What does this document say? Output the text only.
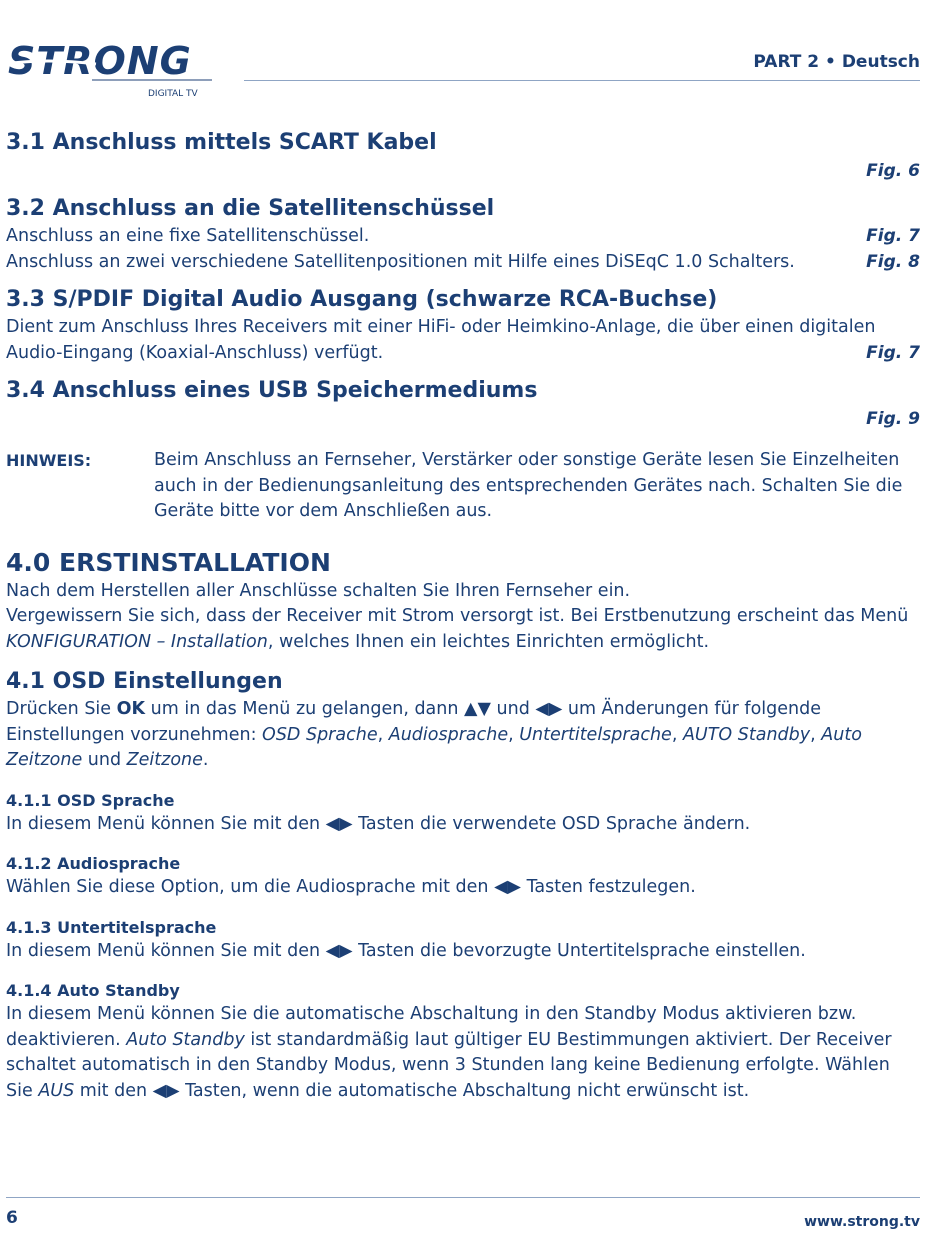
STRONG
DIGITAL TV
PART 2 • Deutsch
3.1 Anschluss mittels SCART Kabel
Fig. 6
3.2 Anschluss an die Satellitenschüssel
Anschluss an eine fixe Satellitenschüssel.	Fig. 7
Anschluss an zwei verschiedene Satellitenpositionen mit Hilfe eines DiSEqC 1.0 Schalters.	Fig. 8
3.3 S/PDIF Digital Audio Ausgang (schwarze RCA-Buchse)
Dient zum Anschluss Ihres Receivers mit einer HiFi- oder Heimkino-Anlage, die über einen digitalen
Audio-Eingang (Koaxial-Anschluss) verfügt.	Fig. 7
3.4 Anschluss eines USB Speichermediums
Fig. 9
HINWEIS:	Beim Anschluss an Fernseher, Verstärker oder sonstige Geräte lesen Sie Einzelheiten auch in der Bedienungsanleitung des entsprechenden Gerätes nach. Schalten Sie die Geräte bitte vor dem Anschließen aus.
4.0 ERSTINSTALLATION
Nach dem Herstellen aller Anschlüsse schalten Sie Ihren Fernseher ein.
Vergewissern Sie sich, dass der Receiver mit Strom versorgt ist. Bei Erstbenutzung erscheint das Menü
KONFIGURATION – Installation, welches Ihnen ein leichtes Einrichten ermöglicht.
4.1 OSD Einstellungen
Drücken Sie OK um in das Menü zu gelangen, dann ▲▼ und ◀▶ um Änderungen für folgende Einstellungen vorzunehmen: OSD Sprache, Audiosprache, Untertitelsprache, AUTO Standby, Auto Zeitzone und Zeitzone.
4.1.1 OSD Sprache
In diesem Menü können Sie mit den ◀▶ Tasten die verwendete OSD Sprache ändern.
4.1.2 Audiosprache
Wählen Sie diese Option, um die Audiosprache mit den ◀▶ Tasten festzulegen.
4.1.3 Untertitelsprache
In diesem Menü können Sie mit den ◀▶ Tasten die bevorzugte Untertitelsprache einstellen.
4.1.4 Auto Standby
In diesem Menü können Sie die automatische Abschaltung in den Standby Modus aktivieren bzw. deaktivieren. Auto Standby ist standardmäßig laut gültiger EU Bestimmungen aktiviert. Der Receiver schaltet automatisch in den Standby Modus, wenn 3 Stunden lang keine Bedienung erfolgte. Wählen Sie AUS mit den ◀▶ Tasten, wenn die automatische Abschaltung nicht erwünscht ist.
6	www.strong.tv
